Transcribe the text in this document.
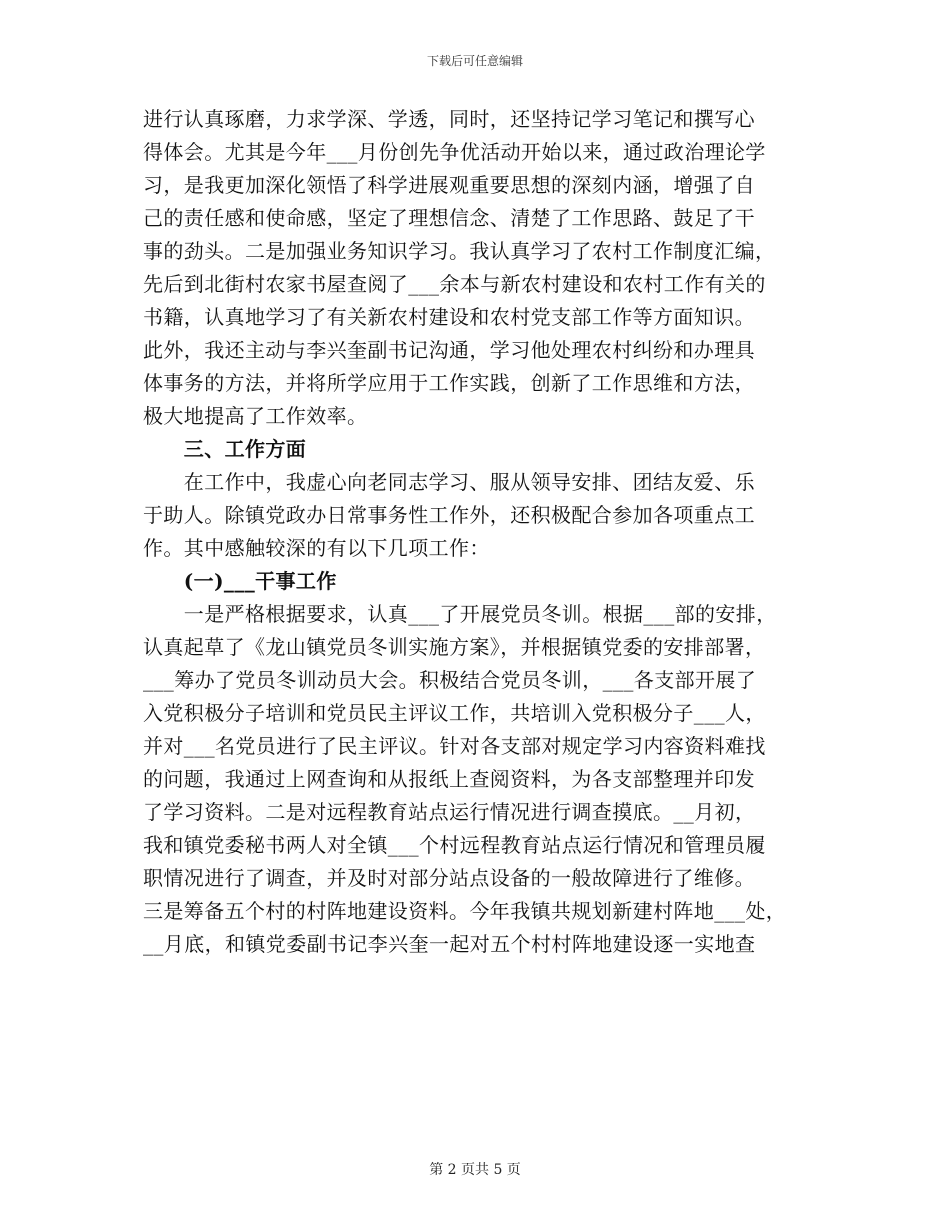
下载后可任意编辑
进行认真琢磨，力求学深、学透，同时，还坚持记学习笔记和撰写心
得体会。尤其是今年___月份创先争优活动开始以来，通过政治理论学
习，是我更加深化领悟了科学进展观重要思想的深刻内涵，增强了自
己的责任感和使命感，坚定了理想信念、清楚了工作思路、鼓足了干
事的劲头。二是加强业务知识学习。我认真学习了农村工作制度汇编，
先后到北街村农家书屋查阅了___余本与新农村建设和农村工作有关的
书籍，认真地学习了有关新农村建设和农村党支部工作等方面知识。
此外，我还主动与李兴奎副书记沟通，学习他处理农村纠纷和办理具
体事务的方法，并将所学应用于工作实践，创新了工作思维和方法，
极大地提高了工作效率。
　　三、工作方面
　　在工作中，我虚心向老同志学习、服从领导安排、团结友爱、乐
于助人。除镇党政办日常事务性工作外，还积极配合参加各项重点工
作。其中感触较深的有以下几项工作：
　　(一)___干事工作
　　一是严格根据要求，认真___了开展党员冬训。根据___部的安排，
认真起草了《龙山镇党员冬训实施方案》，并根据镇党委的安排部署，
___筹办了党员冬训动员大会。积极结合党员冬训，___各支部开展了
入党积极分子培训和党员民主评议工作，共培训入党积极分子___人，
并对___名党员进行了民主评议。针对各支部对规定学习内容资料难找
的问题，我通过上网查询和从报纸上查阅资料，为各支部整理并印发
了学习资料。二是对远程教育站点运行情况进行调查摸底。__月初，
我和镇党委秘书两人对全镇___个村远程教育站点运行情况和管理员履
职情况进行了调查，并及时对部分站点设备的一般故障进行了维修。
三是筹备五个村的村阵地建设资料。今年我镇共规划新建村阵地___处，
__月底，和镇党委副书记李兴奎一起对五个村村阵地建设逐一实地查
第 2 页共 5 页
